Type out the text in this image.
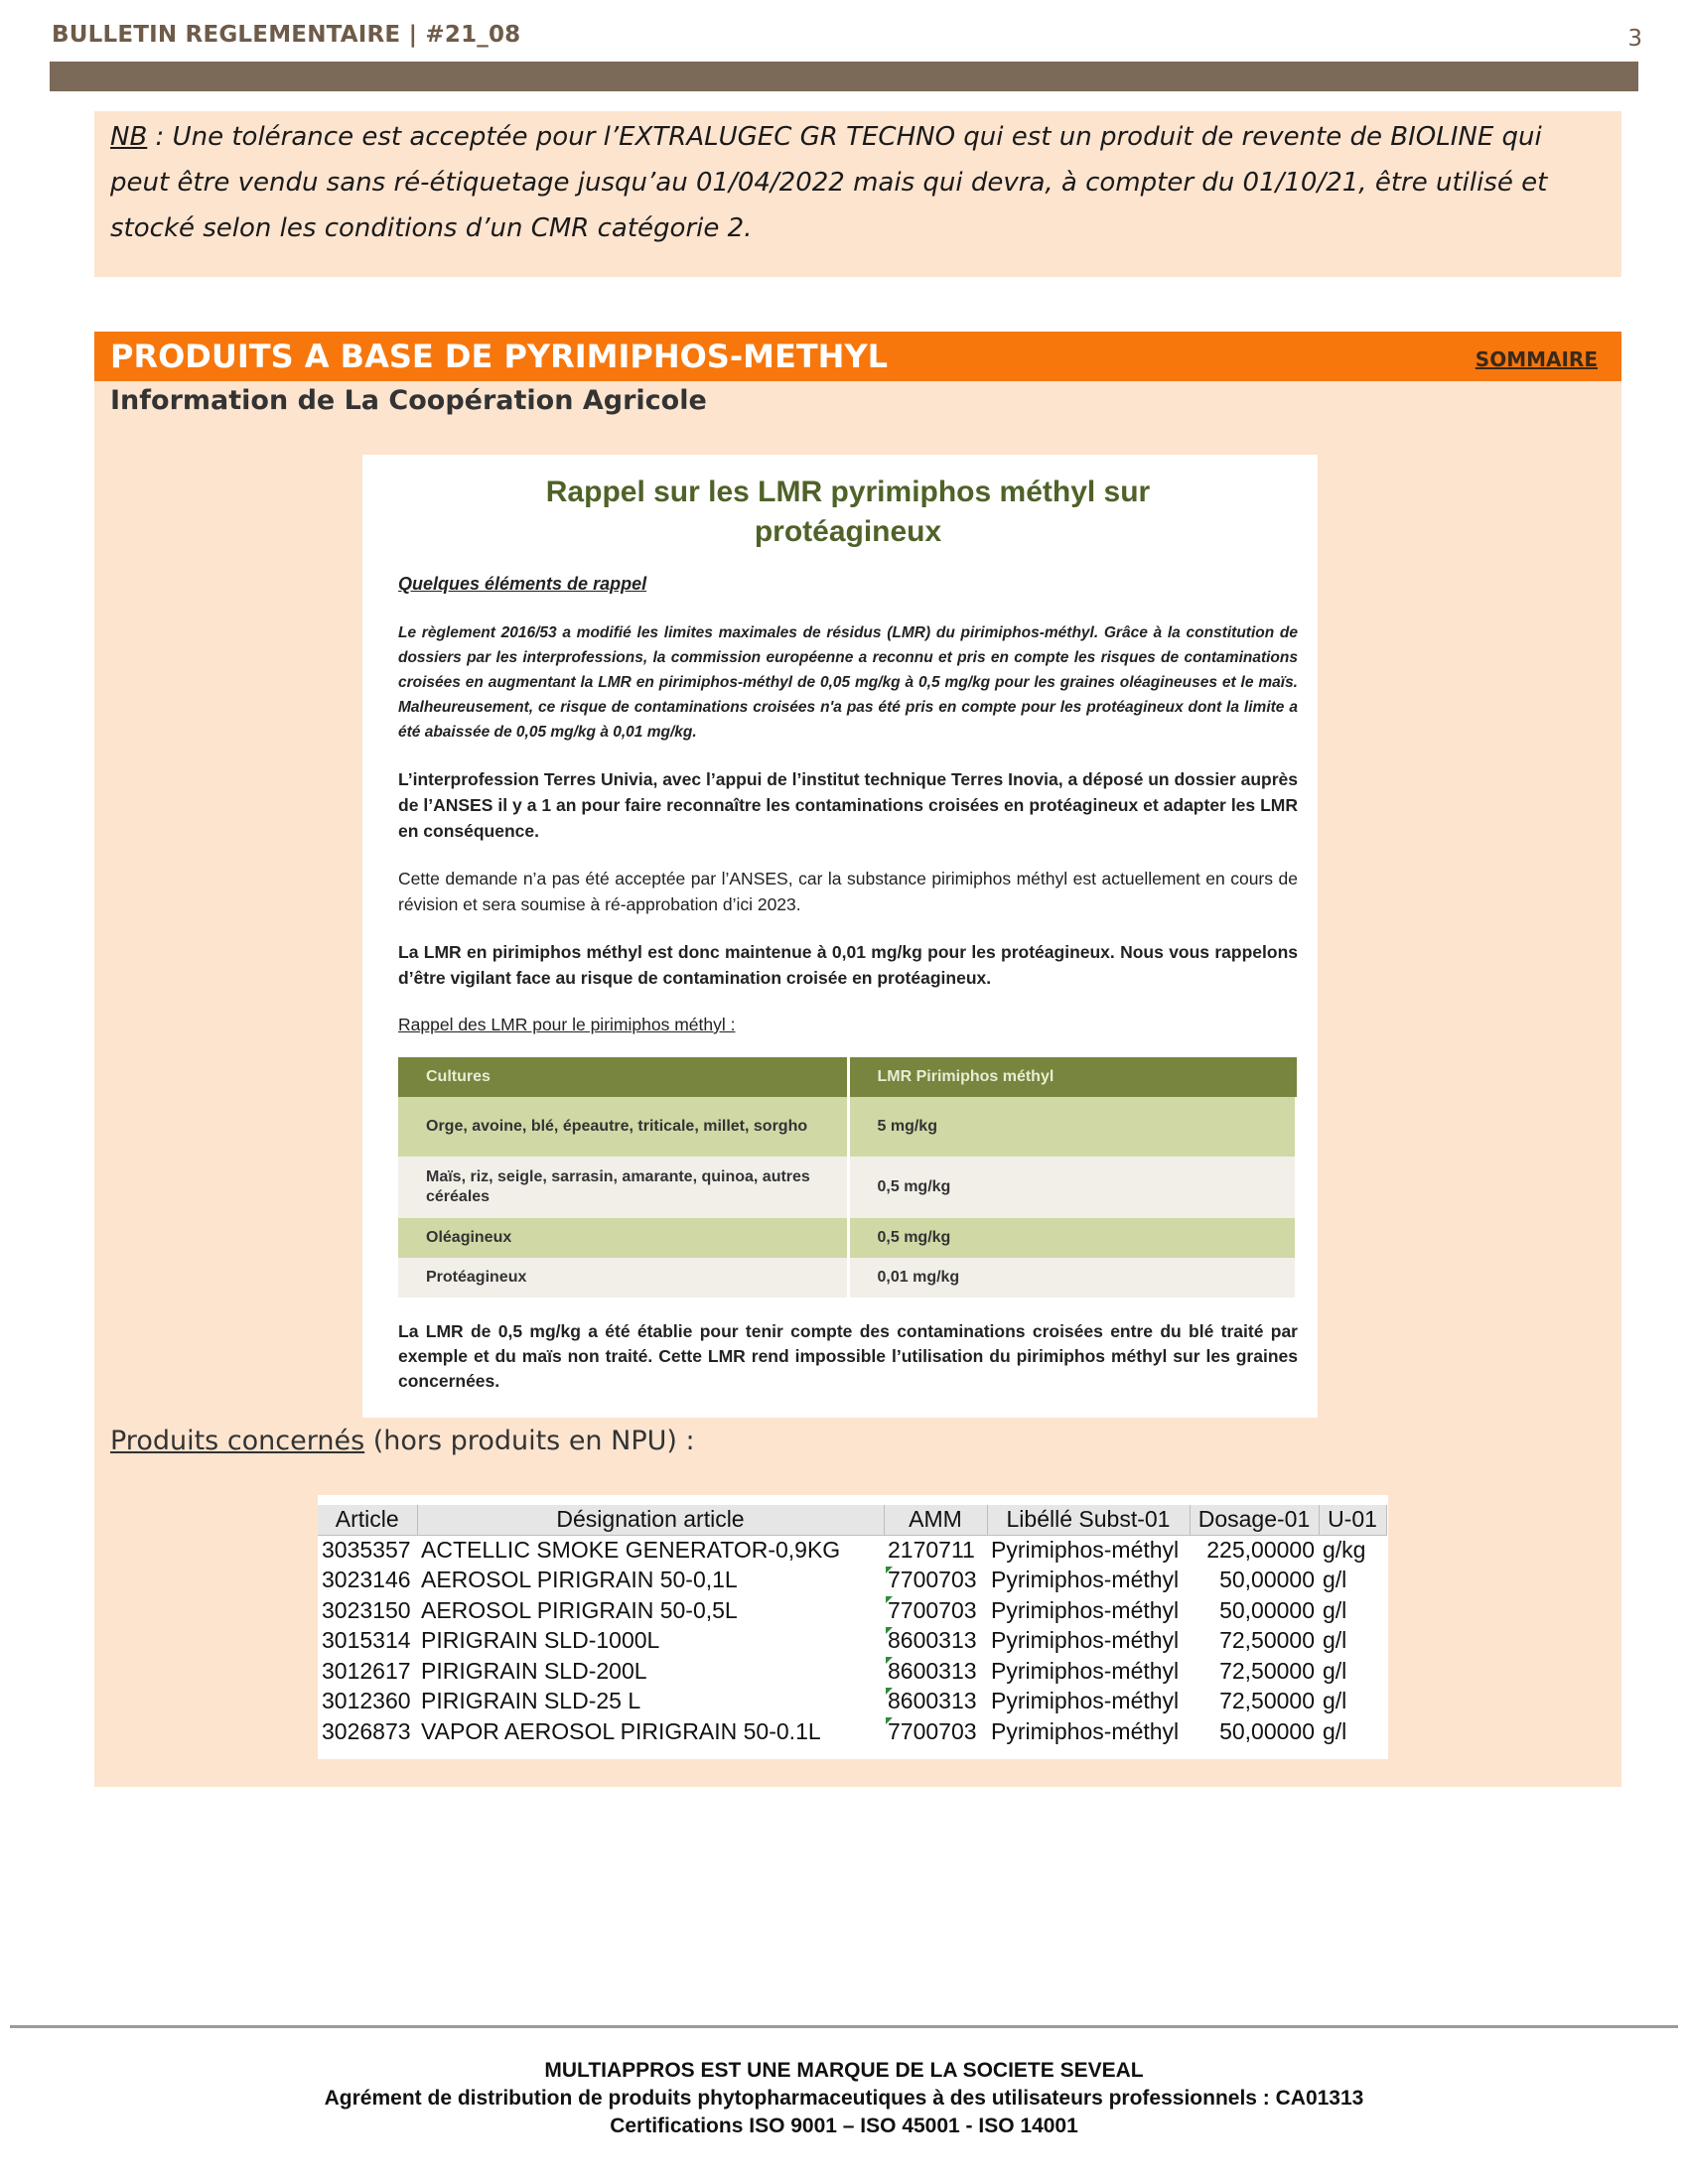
BULLETIN REGLEMENTAIRE | #21_08	3

NB : Une tolérance est acceptée pour l’EXTRALUGEC GR TECHNO qui est un produit de revente de BIOLINE qui peut être vendu sans ré-étiquetage jusqu’au 01/04/2022 mais qui devra, à compter du 01/10/21, être utilisé et stocké selon les conditions d’un CMR catégorie 2.

PRODUITS A BASE DE PYRIMIPHOS-METHYL	SOMMAIRE
Information de La Coopération Agricole
Rappel sur les LMR pyrimiphos méthyl sur
protéagineux
Quelques éléments de rappel

Le règlement 2016/53 a modifié les limites maximales de résidus (LMR) du pirimiphos-méthyl. Grâce à la constitution de dossiers par les interprofessions, la commission européenne a reconnu et pris en compte les risques de contaminations croisées en augmentant la LMR en pirimiphos-méthyl de 0,05 mg/kg à 0,5 mg/kg pour les graines oléagineuses et le maïs. Malheureusement, ce risque de contaminations croisées n'a pas été pris en compte pour les protéagineux dont la limite a été abaissée de 0,05 mg/kg à 0,01 mg/kg.

L’interprofession Terres Univia, avec l’appui de l’institut technique Terres Inovia, a déposé un dossier auprès de l’ANSES il y a 1 an pour faire reconnaître les contaminations croisées en protéagineux et adapter les LMR en conséquence.

Cette demande n’a pas été acceptée par l’ANSES, car la substance pirimiphos méthyl est actuellement en cours de révision et sera soumise à ré-approbation d’ici 2023.

La LMR en pirimiphos méthyl est donc maintenue à 0,01 mg/kg pour les protéagineux. Nous vous rappelons d’être vigilant face au risque de contamination croisée en protéagineux.

Rappel des LMR pour le pirimiphos méthyl :
Cultures	LMR Pirimiphos méthyl
Orge, avoine, blé, épeautre, triticale, millet, sorgho	5 mg/kg
Maïs, riz, seigle, sarrasin, amarante, quinoa, autres céréales	0,5 mg/kg
Oléagineux	0,5 mg/kg
Protéagineux	0,01 mg/kg

La LMR de 0,5 mg/kg a été établie pour tenir compte des contaminations croisées entre du blé traité par exemple et du maïs non traité. Cette LMR rend impossible l’utilisation du pirimiphos méthyl sur les graines concernées.

Produits concernés (hors produits en NPU) :
Article	Désignation article	AMM	Libéllé Subst-01	Dosage-01	U-01
3035357	ACTELLIC SMOKE GENERATOR-0,9KG	2170711	Pyrimiphos-méthyl	225,00000	g/kg
3023146	AEROSOL PIRIGRAIN 50-0,1L	7700703	Pyrimiphos-méthyl	50,00000	g/l
3023150	AEROSOL PIRIGRAIN 50-0,5L	7700703	Pyrimiphos-méthyl	50,00000	g/l
3015314	PIRIGRAIN SLD-1000L	8600313	Pyrimiphos-méthyl	72,50000	g/l
3012617	PIRIGRAIN SLD-200L	8600313	Pyrimiphos-méthyl	72,50000	g/l
3012360	PIRIGRAIN SLD-25 L	8600313	Pyrimiphos-méthyl	72,50000	g/l
3026873	VAPOR AEROSOL PIRIGRAIN 50-0.1L	7700703	Pyrimiphos-méthyl	50,00000	g/l
MULTIAPPROS EST UNE MARQUE DE LA SOCIETE SEVEAL
Agrément de distribution de produits phytopharmaceutiques à des utilisateurs professionnels : CA01313
Certifications ISO 9001 – ISO 45001 - ISO 14001
